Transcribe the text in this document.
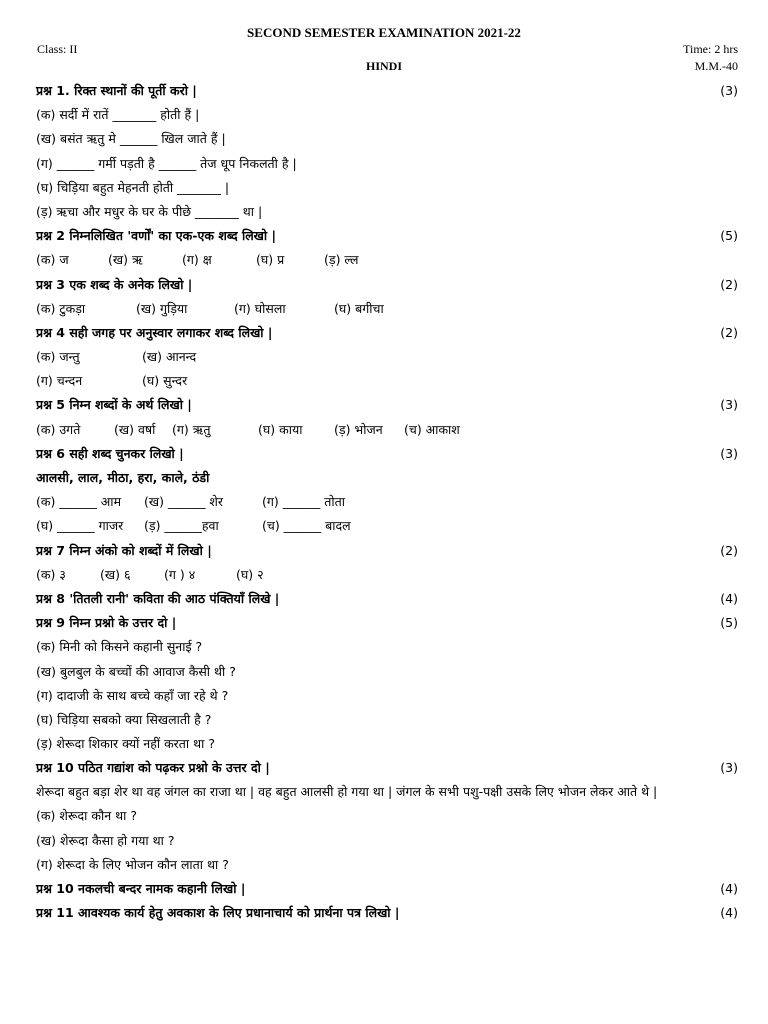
SECOND SEMESTER EXAMINATION 2021-22
Class: II	Time: 2 hrs
HINDI	M.M.-40
प्रश्न 1. रिक्त स्थानों की पूर्ती करो |	(3)
(क) सर्दी में रातें _______ होती हैं |
(ख) बसंत ऋतु मे ______ खिल जाते हैं |
(ग) ______ गर्मी पड़ती है ______ तेज धूप निकलती है |
(घ) चिड़िया बहुत मेहनती होती _______ |
(ड़) ऋचा और मधुर के घर के पीछे _______ था |
प्रश्न 2 निम्नलिखित 'वर्णों' का एक-एक शब्द लिखो |	(5)
(क) ज	(ख) ऋ	(ग) क्ष	(घ) प्र	(ड़) ल्ल
प्रश्न 3 एक शब्द के अनेक लिखो |	(2)
(क) टुकड़ा	(ख) गुड़िया	(ग) घोसला	(घ) बगीचा
प्रश्न 4 सही जगह पर अनुस्वार लगाकर शब्द लिखो |	(2)
(क) जन्तु	(ख) आनन्द
(ग) चन्दन	(घ) सुन्दर
प्रश्न 5 निम्न शब्दों के अर्थ लिखो |	(3)
(क) उगते	(ख) वर्षा (ग) ऋतु	(घ) काया	(ड़) भोजन (च) आकाश
प्रश्न 6 सही शब्द चुनकर लिखो |	(3)
आलसी, लाल, मीठा, हरा, काले, ठंडी
(क) ______ आम (ख) ______ शेर	(ग) ______ तोता
(घ) ______ गाजर (ड़) ______हवा	(च) ______ बादल
प्रश्न 7 निम्न अंको को शब्दों में लिखो |	(2)
(क) ३	(ख) ६	(ग ) ४	(घ) २
प्रश्न 8 'तितली रानी' कविता की आठ पंक्तियाँ लिखे |	(4)
प्रश्न 9 निम्न प्रश्नो के उत्तर दो |	(5)
(क) मिनी को किसने कहानी सुनाई ?
(ख) बुलबुल के बच्चों की आवाज कैसी थी ?
(ग) दादाजी के साथ बच्चे कहाँ जा रहे थे ?
(घ) चिड़िया सबको क्या सिखलाती है ?
(ड़) शेरूदा शिकार क्यों नहीं करता था ?
प्रश्न 10 पठित गद्यांश को पढ़कर प्रश्नो के उत्तर दो |	(3)
शेरूदा बहुत बड़ा शेर था वह जंगल का राजा था | वह बहुत आलसी हो गया था | जंगल के सभी पशु-पक्षी उसके लिए भोजन लेकर आते थे |
(क) शेरूदा कौन था ?
(ख) शेरूदा कैसा हो गया था ?
(ग) शेरूदा के लिए भोजन कौन लाता था ?
प्रश्न 10 नकलची बन्दर नामक कहानी लिखो |	(4)
प्रश्न 11 आवश्यक कार्य हेतु अवकाश के लिए प्रधानाचार्य को प्रार्थना पत्र लिखो |	(4)
